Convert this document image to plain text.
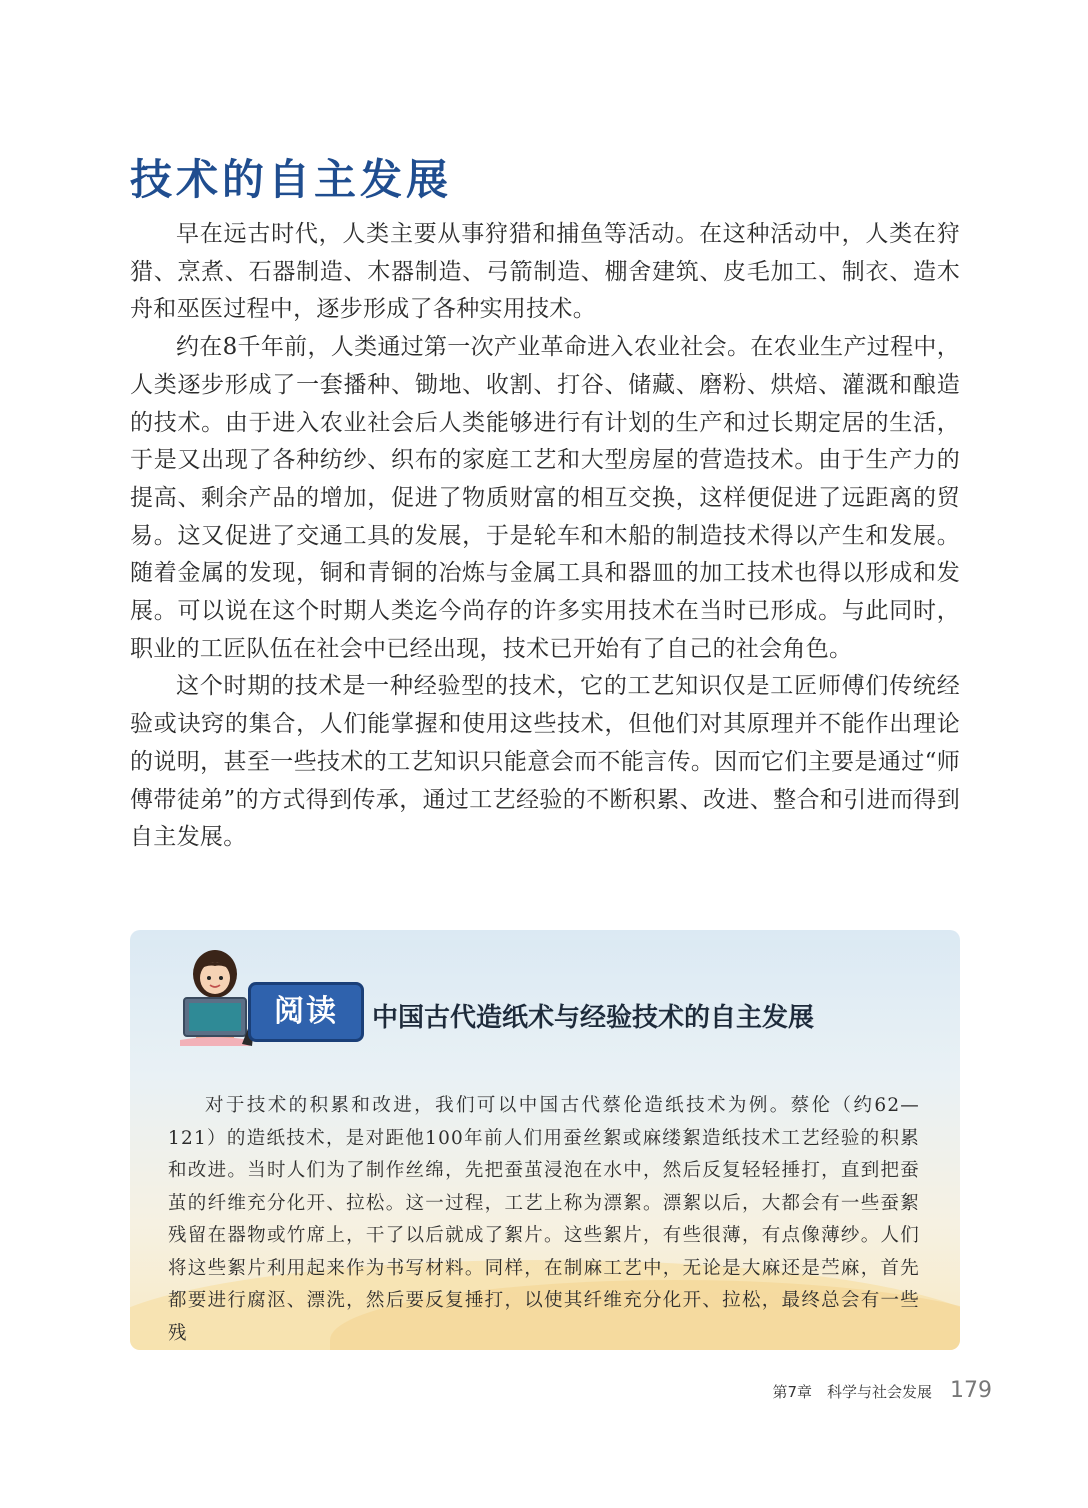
技术的自主发展

早在远古时代，人类主要从事狩猎和捕鱼等活动。在这种活动中，人类在狩猎、烹煮、石器制造、木器制造、弓箭制造、棚舍建筑、皮毛加工、制衣、造木舟和巫医过程中，逐步形成了各种实用技术。

约在8千年前，人类通过第一次产业革命进入农业社会。在农业生产过程中，人类逐步形成了一套播种、锄地、收割、打谷、储藏、磨粉、烘焙、灌溉和酿造的技术。由于进入农业社会后人类能够进行有计划的生产和过长期定居的生活，于是又出现了各种纺纱、织布的家庭工艺和大型房屋的营造技术。由于生产力的提高、剩余产品的增加，促进了物质财富的相互交换，这样便促进了远距离的贸易。这又促进了交通工具的发展，于是轮车和木船的制造技术得以产生和发展。随着金属的发现，铜和青铜的冶炼与金属工具和器皿的加工技术也得以形成和发展。可以说在这个时期人类迄今尚存的许多实用技术在当时已形成。与此同时，职业的工匠队伍在社会中已经出现，技术已开始有了自己的社会角色。

这个时期的技术是一种经验型的技术，它的工艺知识仅是工匠师傅们传统经验或诀窍的集合，人们能掌握和使用这些技术，但他们对其原理并不能作出理论的说明，甚至一些技术的工艺知识只能意会而不能言传。因而它们主要是通过“师傅带徒弟”的方式得到传承，通过工艺经验的不断积累、改进、整合和引进而得到自主发展。

阅读	中国古代造纸术与经验技术的自主发展

对于技术的积累和改进，我们可以中国古代蔡伦造纸技术为例。蔡伦（约62—121）的造纸技术，是对距他100年前人们用蚕丝絮或麻缕絮造纸技术工艺经验的积累和改进。当时人们为了制作丝绵，先把蚕茧浸泡在水中，然后反复轻轻捶打，直到把蚕茧的纤维充分化开、拉松。这一过程，工艺上称为漂絮。漂絮以后，大都会有一些蚕絮残留在器物或竹席上，干了以后就成了絮片。这些絮片，有些很薄，有点像薄纱。人们将这些絮片利用起来作为书写材料。同样，在制麻工艺中，无论是大麻还是苎麻，首先都要进行腐沤、漂洗，然后要反复捶打，以使其纤维充分化开、拉松，最终总会有一些残

第7章　科学与社会发展 179
